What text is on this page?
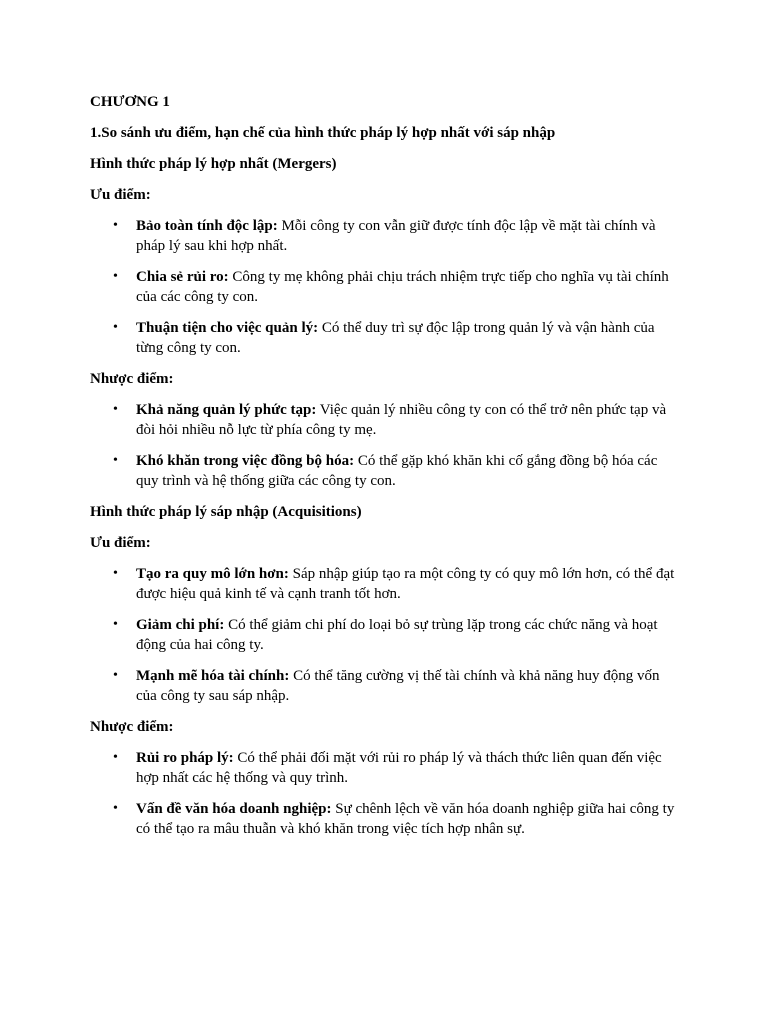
CHƯƠNG 1
1.So sánh ưu điểm, hạn chế của hình thức pháp lý hợp nhất với sáp nhập
Hình thức pháp lý hợp nhất (Mergers)
Ưu điểm:
• Bảo toàn tính độc lập: Mỗi công ty con vẫn giữ được tính độc lập về mặt tài chính và pháp lý sau khi hợp nhất.
• Chia sẻ rủi ro: Công ty mẹ không phải chịu trách nhiệm trực tiếp cho nghĩa vụ tài chính của các công ty con.
• Thuận tiện cho việc quản lý: Có thể duy trì sự độc lập trong quản lý và vận hành của từng công ty con.
Nhược điểm:
• Khả năng quản lý phức tạp: Việc quản lý nhiều công ty con có thể trở nên phức tạp và đòi hỏi nhiều nỗ lực từ phía công ty mẹ.
• Khó khăn trong việc đồng bộ hóa: Có thể gặp khó khăn khi cố gắng đồng bộ hóa các quy trình và hệ thống giữa các công ty con.
Hình thức pháp lý sáp nhập (Acquisitions)
Ưu điểm:
• Tạo ra quy mô lớn hơn: Sáp nhập giúp tạo ra một công ty có quy mô lớn hơn, có thể đạt được hiệu quả kinh tế và cạnh tranh tốt hơn.
• Giảm chi phí: Có thể giảm chi phí do loại bỏ sự trùng lặp trong các chức năng và hoạt động của hai công ty.
• Mạnh mẽ hóa tài chính: Có thể tăng cường vị thế tài chính và khả năng huy động vốn của công ty sau sáp nhập.
Nhược điểm:
• Rủi ro pháp lý: Có thể phải đối mặt với rủi ro pháp lý và thách thức liên quan đến việc hợp nhất các hệ thống và quy trình.
• Vấn đề văn hóa doanh nghiệp: Sự chênh lệch về văn hóa doanh nghiệp giữa hai công ty có thể tạo ra mâu thuẫn và khó khăn trong việc tích hợp nhân sự.
